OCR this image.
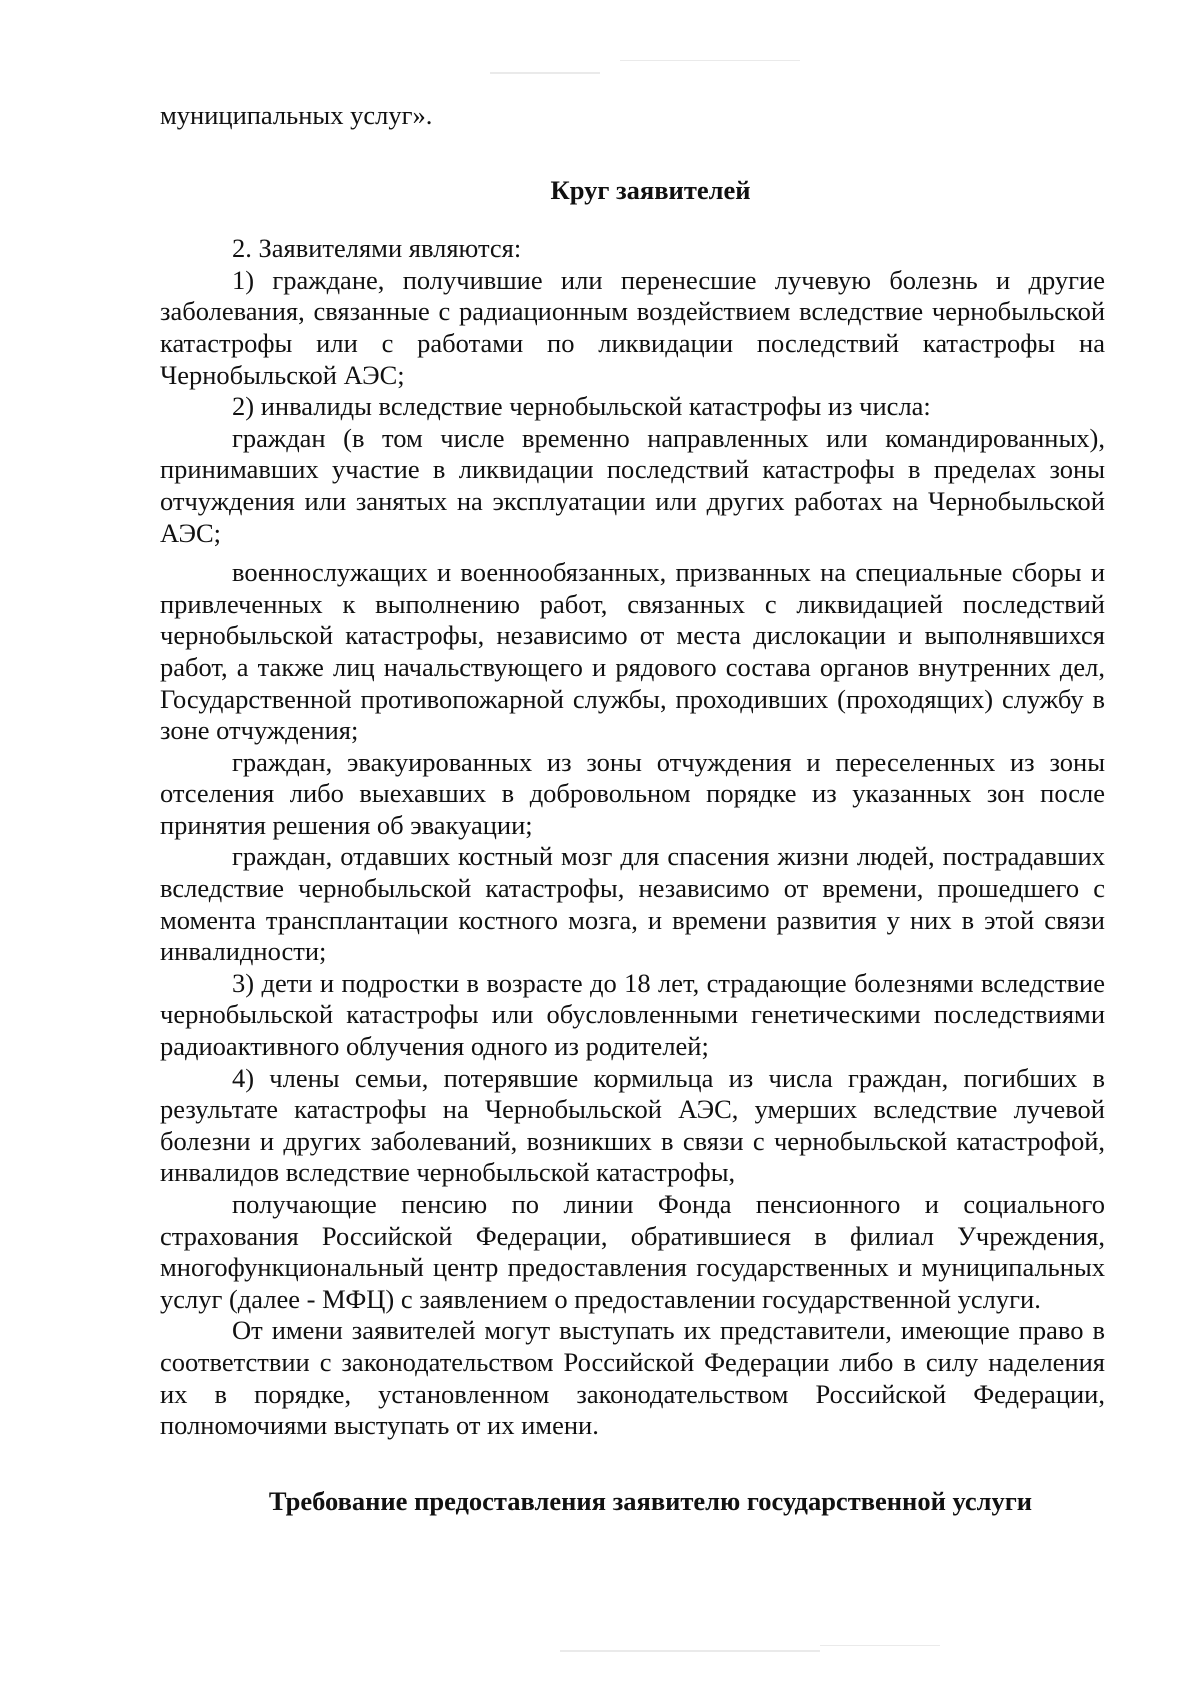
муниципальных услуг».

Круг заявителей

2. Заявителями являются:

1) граждане, получившие или перенесшие лучевую болезнь и другие заболевания, связанные с радиационным воздействием вследствие чернобыльской катастрофы или с работами по ликвидации последствий катастрофы на Чернобыльской АЭС;

2) инвалиды вследствие чернобыльской катастрофы из числа:

граждан (в том числе временно направленных или командированных), принимавших участие в ликвидации последствий катастрофы в пределах зоны отчуждения или занятых на эксплуатации или других работах на Чернобыльской АЭС;

военнослужащих и военнообязанных, призванных на специальные сборы и привлеченных к выполнению работ, связанных с ликвидацией последствий чернобыльской катастрофы, независимо от места дислокации и выполнявшихся работ, а также лиц начальствующего и рядового состава органов внутренних дел, Государственной противопожарной службы, проходивших (проходящих) службу в зоне отчуждения;

граждан, эвакуированных из зоны отчуждения и переселенных из зоны отселения либо выехавших в добровольном порядке из указанных зон после принятия решения об эвакуации;

граждан, отдавших костный мозг для спасения жизни людей, пострадавших вследствие чернобыльской катастрофы, независимо от времени, прошедшего с момента трансплантации костного мозга, и времени развития у них в этой связи инвалидности;

3) дети и подростки в возрасте до 18 лет, страдающие болезнями вследствие чернобыльской катастрофы или обусловленными генетическими последствиями радиоактивного облучения одного из родителей;

4) члены семьи, потерявшие кормильца из числа граждан, погибших в результате катастрофы на Чернобыльской АЭС, умерших вследствие лучевой болезни и других заболеваний, возникших в связи с чернобыльской катастрофой, инвалидов вследствие чернобыльской катастрофы,

получающие пенсию по линии Фонда пенсионного и социального страхования Российской Федерации, обратившиеся в филиал Учреждения, многофункциональный центр предоставления государственных и муниципальных услуг (далее - МФЦ) с заявлением о предоставлении государственной услуги.

От имени заявителей могут выступать их представители, имеющие право в соответствии с законодательством Российской Федерации либо в силу наделения их в порядке, установленном законодательством Российской Федерации, полномочиями выступать от их имени.

Требование предоставления заявителю государственной услуги
